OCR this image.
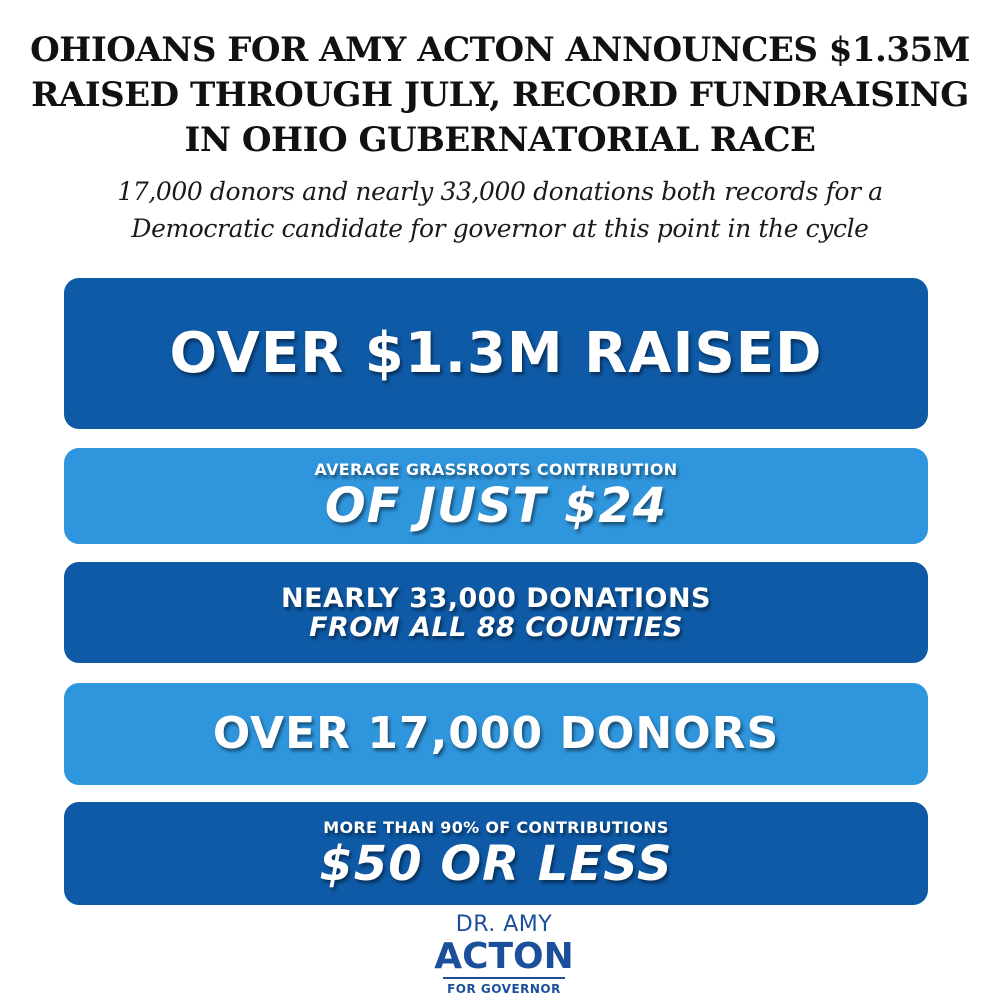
OHIOANS FOR AMY ACTON ANNOUNCES $1.35M
RAISED THROUGH JULY, RECORD FUNDRAISING
IN OHIO GUBERNATORIAL RACE
17,000 donors and nearly 33,000 donations both records for a
Democratic candidate for governor at this point in the cycle
OVER $1.3M RAISED
AVERAGE GRASSROOTS CONTRIBUTION
OF JUST $24
NEARLY 33,000 DONATIONS
FROM ALL 88 COUNTIES
OVER 17,000 DONORS
MORE THAN 90% OF CONTRIBUTIONS
$50 OR LESS
DR. AMY
ACTON
FOR GOVERNOR
